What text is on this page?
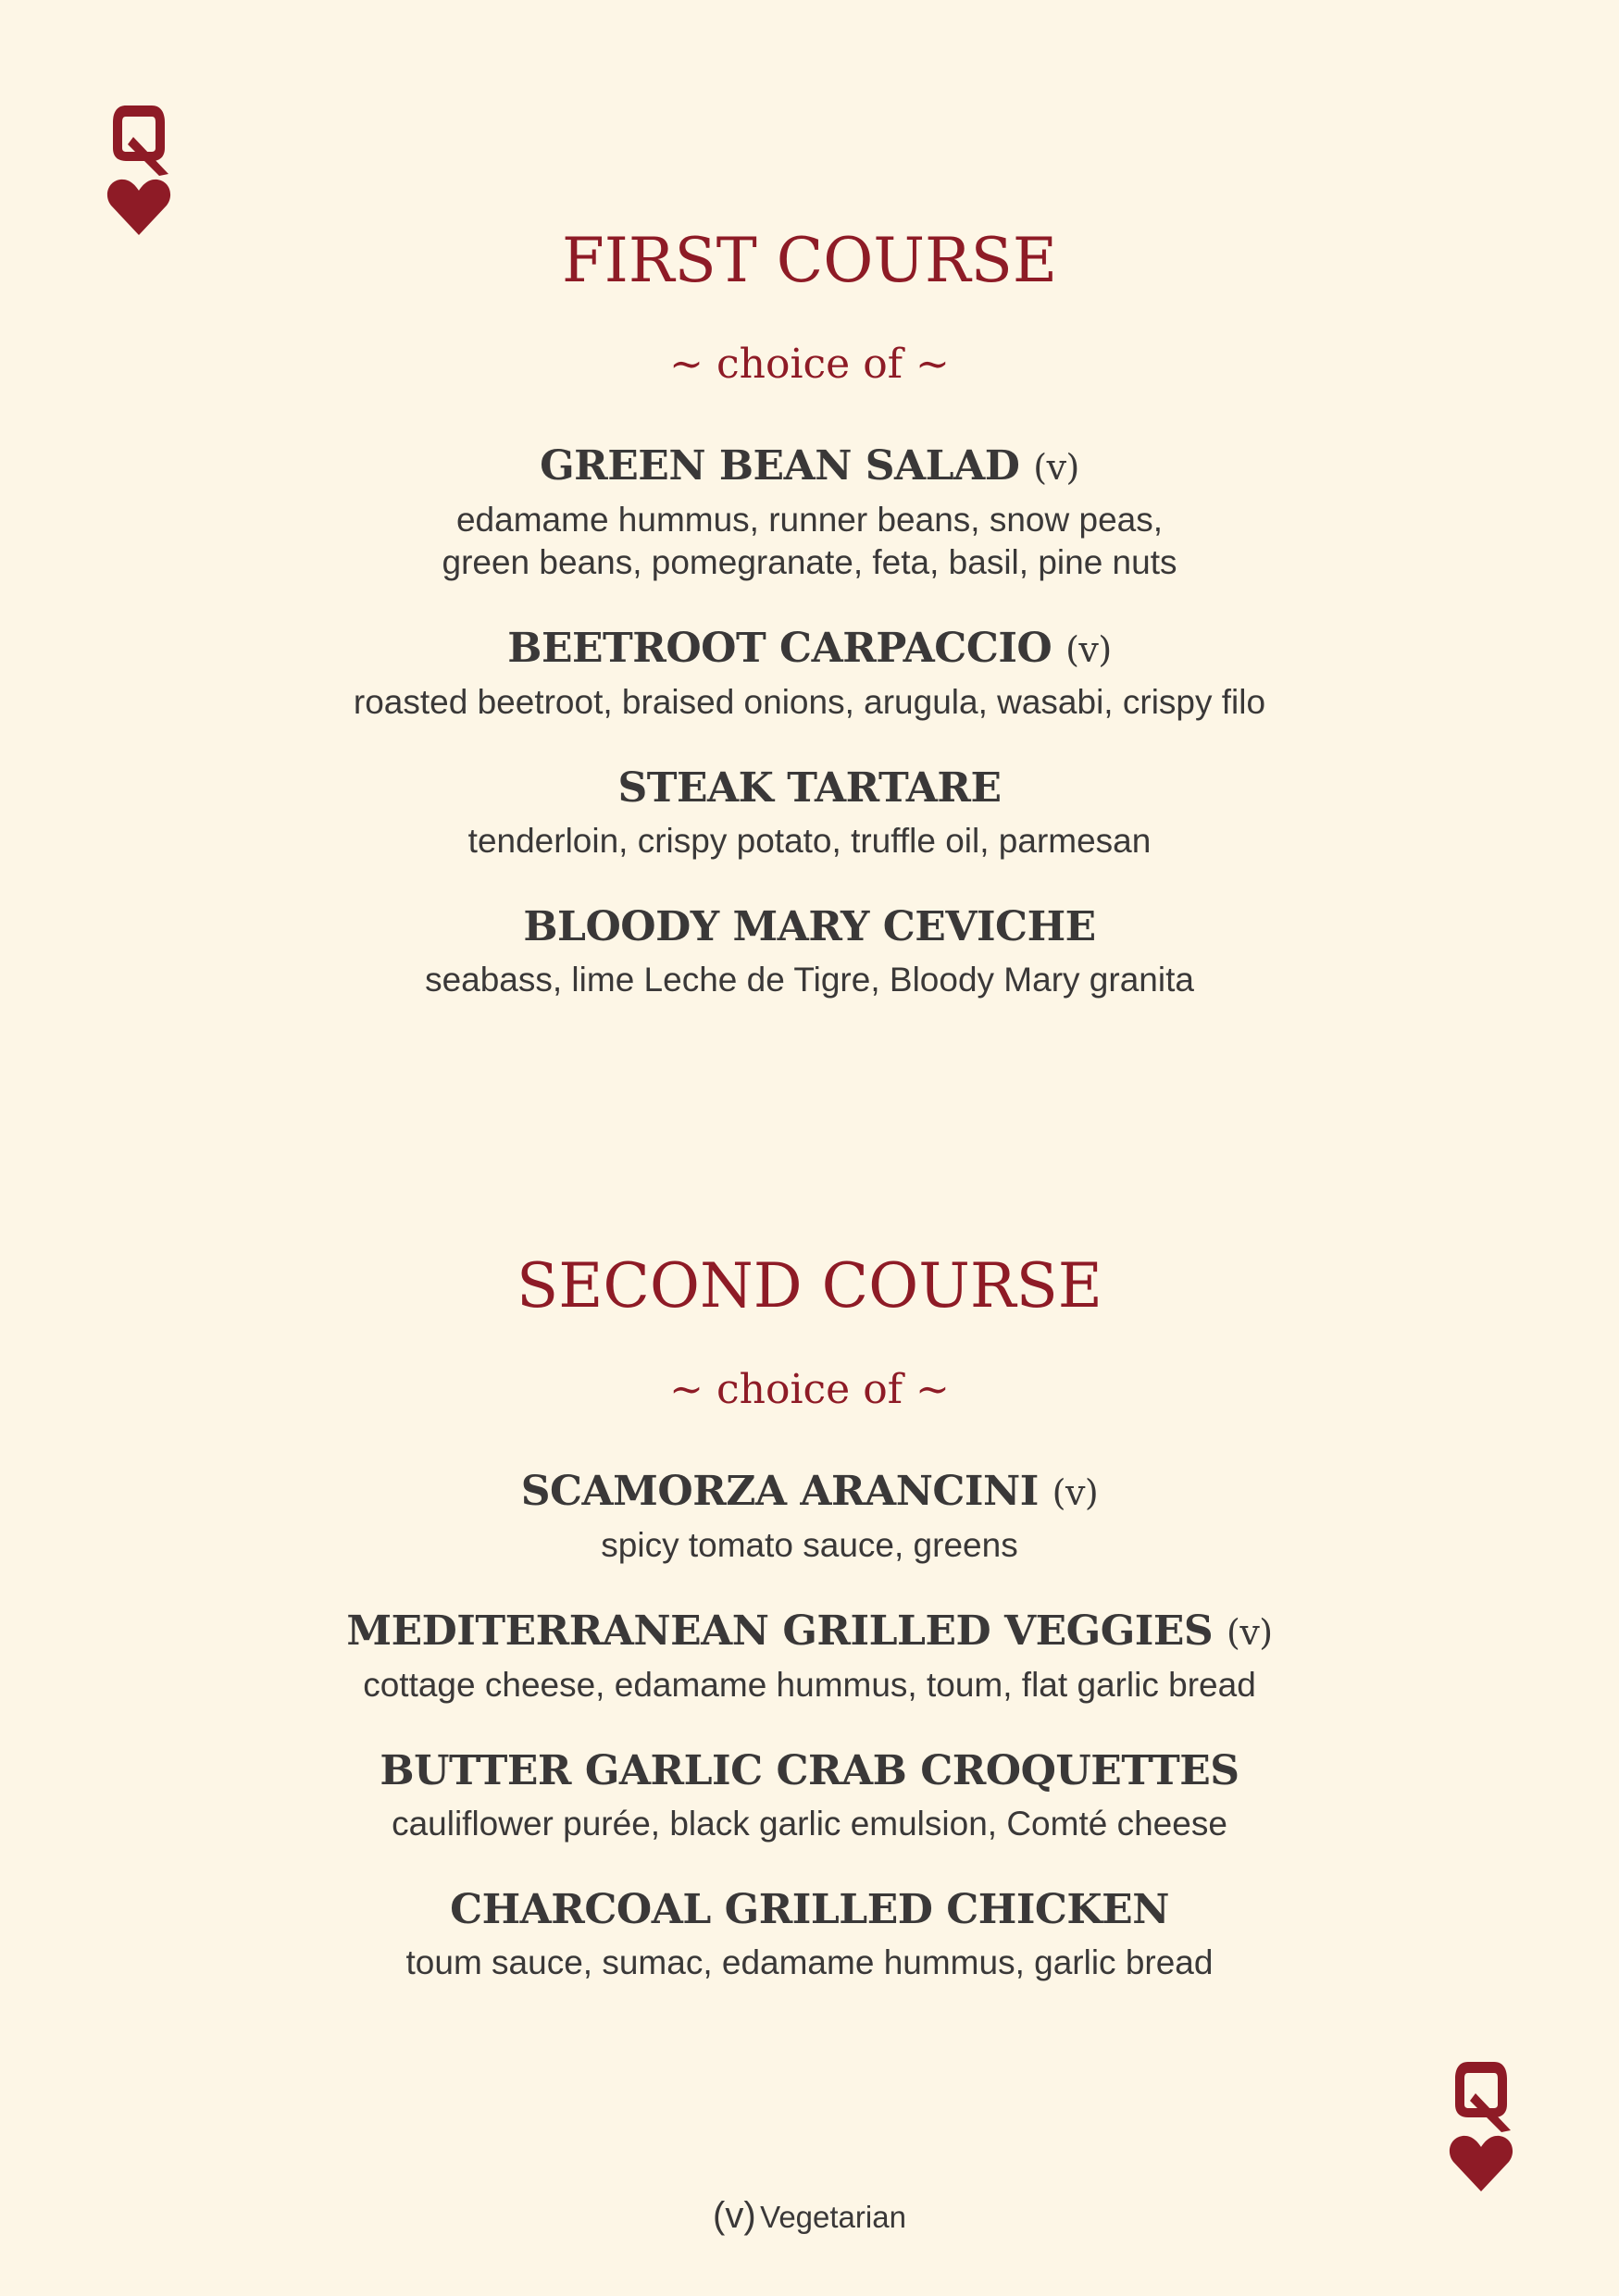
FIRST COURSE
~ choice of ~
GREEN BEAN SALAD (v)
edamame hummus, runner beans, snow peas,
green beans, pomegranate, feta, basil, pine nuts
BEETROOT CARPACCIO (v)
roasted beetroot, braised onions, arugula, wasabi, crispy filo
STEAK TARTARE
tenderloin, crispy potato, truffle oil, parmesan
BLOODY MARY CEVICHE
seabass, lime Leche de Tigre, Bloody Mary granita
SECOND COURSE
~ choice of ~
SCAMORZA ARANCINI (v)
spicy tomato sauce, greens
MEDITERRANEAN GRILLED VEGGIES (v)
cottage cheese, edamame hummus, toum, flat garlic bread
BUTTER GARLIC CRAB CROQUETTES
cauliflower purée, black garlic emulsion, Comté cheese
CHARCOAL GRILLED CHICKEN
toum sauce, sumac, edamame hummus, garlic bread
(v) Vegetarian
